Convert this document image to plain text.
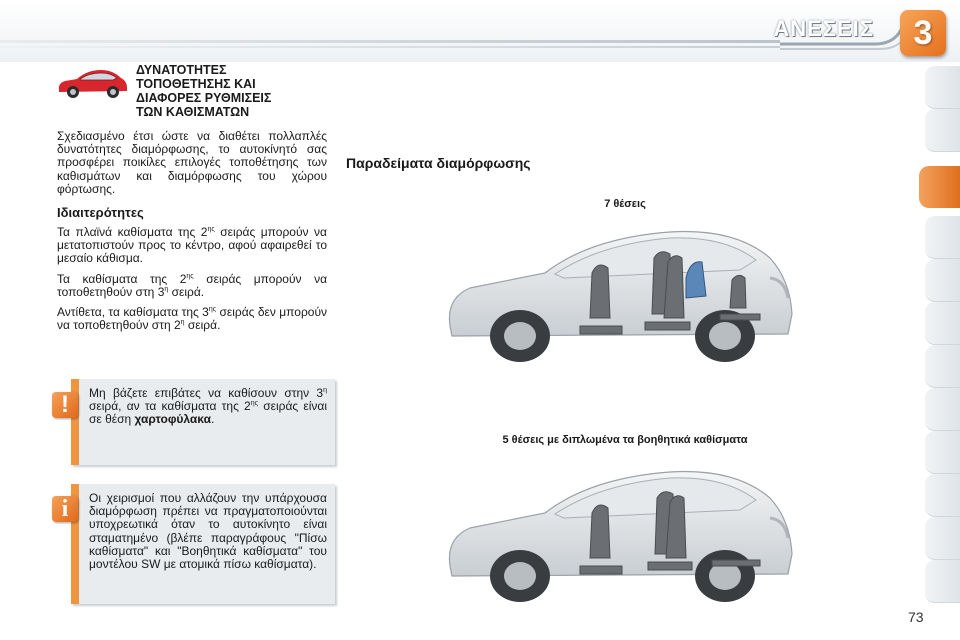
ΑΝΕΣΕΙΣ	3
ΔΥΝΑΤΟΤΗΤΕΣ
ΤΟΠΟΘΕΤΗΣΗΣ ΚΑΙ
ΔΙΑΦΟΡΕΣ ΡΥΘΜΙΣΕΙΣ
ΤΩΝ ΚΑΘΙΣΜΑΤΩΝ

Σχεδιασμένο έτσι ώστε να διαθέτει πολλαπλές δυνατότητες διαμόρφωσης, το αυτοκίνητό σας προσφέρει ποικίλες επιλογές τοποθέτησης των καθισμάτων και διαμόρφωσης του χώρου φόρτωσης.

Ιδιαιτερότητες

Τα πλαϊνά καθίσματα της $2^{\eta\varsigma}$ σειράς μπορούν να μετατοπιστούν προς το κέντρο, αφού αφαιρεθεί το μεσαίο κάθισμα.

Τα καθίσματα της $2^{\eta\varsigma}$ σειράς μπορούν να τοποθετηθούν στη $3^\eta$ σειρά.

Αντίθετα, τα καθίσματα της $3^{\eta\varsigma}$ σειράς δεν μπορούν να τοποθετηθούν στη $2^\eta$ σειρά.

Μη βάζετε επιβάτες να καθίσουν στην $3^\eta$ σειρά, αν τα καθίσματα της $2^{\eta\varsigma}$ σειράς είναι σε θέση χαρτοφύλακα.
!
Οι χειρισμοί που αλλάζουν την υπάρχουσα διαμόρφωση πρέπει να πραγματοποιούνται υποχρεωτικά όταν το αυτοκίνητο είναι σταματημένο (βλέπε παραγράφους "Πίσω καθίσματα" και "Βοηθητικά καθίσματα" του μοντέλου SW με ατομικά πίσω καθίσματα).
i
Παραδείματα διαμόρφωσης
7 θέσεις
5 θέσεις με διπλωμένα τα βοηθητικά καθίσματα
73
